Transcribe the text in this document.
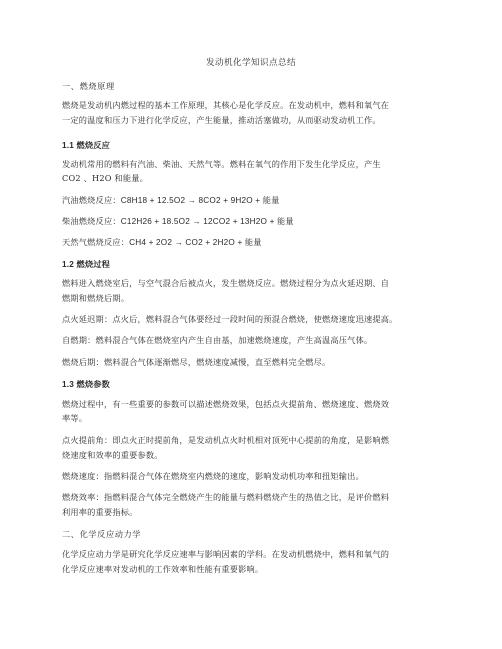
发动机化学知识点总结
一、燃烧原理
燃烧是发动机内燃过程的基本工作原理，其核心是化学反应。在发动机中，燃料和氧气在
一定的温度和压力下进行化学反应，产生能量，推动活塞做功，从而驱动发动机工作。
1.1 燃烧反应
发动机常用的燃料有汽油、柴油、天然气等。燃料在氧气的作用下发生化学反应，产生
CO2 、H2O 和能量。
汽油燃烧反应：C8H18 + 12.5O2 → 8CO2 + 9H2O + 能量
柴油燃烧反应：C12H26 + 18.5O2 → 12CO2 + 13H2O + 能量
天然气燃烧反应：CH4 + 2O2 → CO2 + 2H2O + 能量
1.2 燃烧过程
燃料进入燃烧室后，与空气混合后被点火，发生燃烧反应。燃烧过程分为点火延迟期、自
燃期和燃烧后期。
点火延迟期：点火后，燃料混合气体要经过一段时间的预混合燃烧，使燃烧速度迅速提高。
自燃期：燃料混合气体在燃烧室内产生自由基，加速燃烧速度，产生高温高压气体。
燃烧后期：燃料混合气体逐渐燃尽，燃烧速度减慢，直至燃料完全燃尽。
1.3 燃烧参数
燃烧过程中，有一些重要的参数可以描述燃烧效果，包括点火提前角、燃烧速度、燃烧效
率等。
点火提前角：即点火正时提前角，是发动机点火时机相对顶死中心提前的角度，是影响燃
烧速度和效率的重要参数。
燃烧速度：指燃料混合气体在燃烧室内燃烧的速度，影响发动机功率和扭矩输出。
燃烧效率：指燃料混合气体完全燃烧产生的能量与燃料燃烧产生的热值之比，是评价燃料
利用率的重要指标。
二、化学反应动力学
化学反应动力学是研究化学反应速率与影响因素的学科。在发动机燃烧中，燃料和氧气的
化学反应速率对发动机的工作效率和性能有重要影响。
